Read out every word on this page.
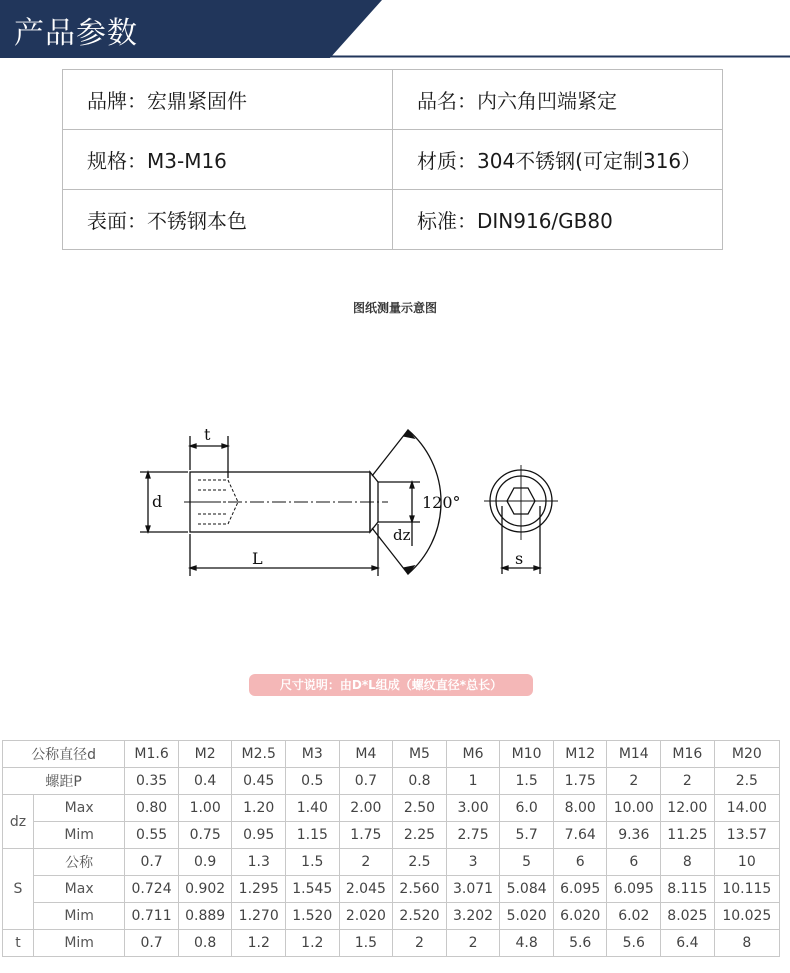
产品参数
品牌：宏鼎紧固件	品名：内六角凹端紧定
规格：M3-M16	材质：304不锈钢(可定制316）
表面：不锈钢本色	标准：DIN916/GB80
图纸测量示意图
t
d
L
dz
120°
s
尺寸说明：由D*L组成（螺纹直径*总长）
公称直径d		M1.6	M2	M2.5	M3	M4	M5	M6	M10	M12	M14	M16	M20
螺距P		0.35	0.4	0.45	0.5	0.7	0.8	1	1.5	1.75	2	2	2.5
dz	Max	0.80	1.00	1.20	1.40	2.00	2.50	3.00	6.0	8.00	10.00	12.00	14.00
	Mim	0.55	0.75	0.95	1.15	1.75	2.25	2.75	5.7	7.64	9.36	11.25	13.57
S	公称	0.7	0.9	1.3	1.5	2	2.5	3	5	6	6	8	10
	Max	0.724	0.902	1.295	1.545	2.045	2.560	3.071	5.084	6.095	6.095	8.115	10.115
	Mim	0.711	0.889	1.270	1.520	2.020	2.520	3.202	5.020	6.020	6.02	8.025	10.025
t	Mim	0.7	0.8	1.2	1.2	1.5	2	2	4.8	5.6	5.6	6.4	8
